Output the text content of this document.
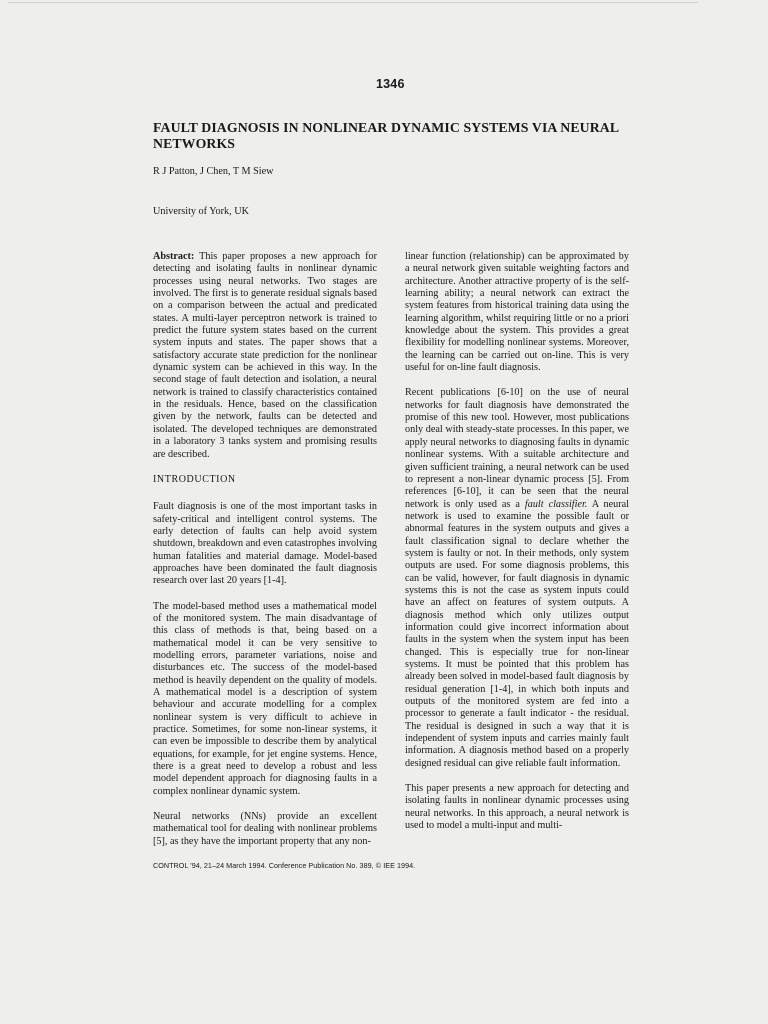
1346
FAULT DIAGNOSIS IN NONLINEAR DYNAMIC SYSTEMS VIA NEURAL NETWORKS
R J Patton, J Chen, T M Siew
University of York, UK

Abstract: This paper proposes a new approach for detecting and isolating faults in nonlinear dynamic processes using neural networks. Two stages are involved. The first is to generate residual signals based on a comparison between the actual and predicated states. A multi-layer perceptron network is trained to predict the future system states based on the current system inputs and states. The paper shows that a satisfactory accurate state prediction for the nonlinear dynamic system can be achieved in this way. In the second stage of fault detection and isolation, a neural network is trained to classify characteristics contained in the residuals. Hence, based on the classification given by the network, faults can be detected and isolated. The developed techniques are demonstrated in a laboratory 3 tanks system and promising results are described.

INTRODUCTION

Fault diagnosis is one of the most important tasks in safety-critical and intelligent control systems. The early detection of faults can help avoid system shutdown, breakdown and even catastrophes involving human fatalities and material damage. Model-based approaches have been dominated the fault diagnosis research over last 20 years [1-4].

The model-based method uses a mathematical model of the monitored system. The main disadvantage of this class of methods is that, being based on a mathematical model it can be very sensitive to modelling errors, parameter variations, noise and disturbances etc. The success of the model-based method is heavily dependent on the quality of models. A mathematical model is a description of system behaviour and accurate modelling for a complex nonlinear system is very difficult to achieve in practice. Sometimes, for some non-linear systems, it can even be impossible to describe them by analytical equations, for example, for jet engine systems. Hence, there is a great need to develop a robust and less model dependent approach for diagnosing faults in a complex nonlinear dynamic system.

Neural networks (NNs) provide an excellent mathematical tool for dealing with nonlinear problems [5], as they have the important property that any non-

linear function (relationship) can be approximated by a neural network given suitable weighting factors and architecture. Another attractive property of is the self-learning ability; a neural network can extract the system features from historical training data using the learning algorithm, whilst requiring little or no a priori knowledge about the system. This provides a great flexibility for modelling nonlinear systems. Moreover, the learning can be carried out on-line. This is very useful for on-line fault diagnosis.

Recent publications [6-10] on the use of neural networks for fault diagnosis have demonstrated the promise of this new tool. However, most publications only deal with steady-state processes. In this paper, we apply neural networks to diagnosing faults in dynamic nonlinear systems. With a suitable architecture and given sufficient training, a neural network can be used to represent a non-linear dynamic process [5]. From references [6-10], it can be seen that the neural network is only used as a fault classifier. A neural network is used to examine the possible fault or abnormal features in the system outputs and gives a fault classification signal to declare whether the system is faulty or not. In their methods, only system outputs are used. For some diagnosis problems, this can be valid, however, for fault diagnosis in dynamic systems this is not the case as system inputs could have an affect on features of system outputs. A diagnosis method which only utilizes output information could give incorrect information about faults in the system when the system input has been changed. This is especially true for non-linear systems. It must be pointed that this problem has already been solved in model-based fault diagnosis by residual generation [1-4], in which both inputs and outputs of the monitored system are fed into a processor to generate a fault indicator - the residual. The residual is designed in such a way that it is independent of system inputs and carries mainly fault information. A diagnosis method based on a properly designed residual can give reliable fault information.

This paper presents a new approach for detecting and isolating faults in nonlinear dynamic processes using neural networks. In this approach, a neural network is used to model a multi-input and multi-

CONTROL '94, 21–24 March 1994. Conference Publication No. 389, © IEE 1994.
